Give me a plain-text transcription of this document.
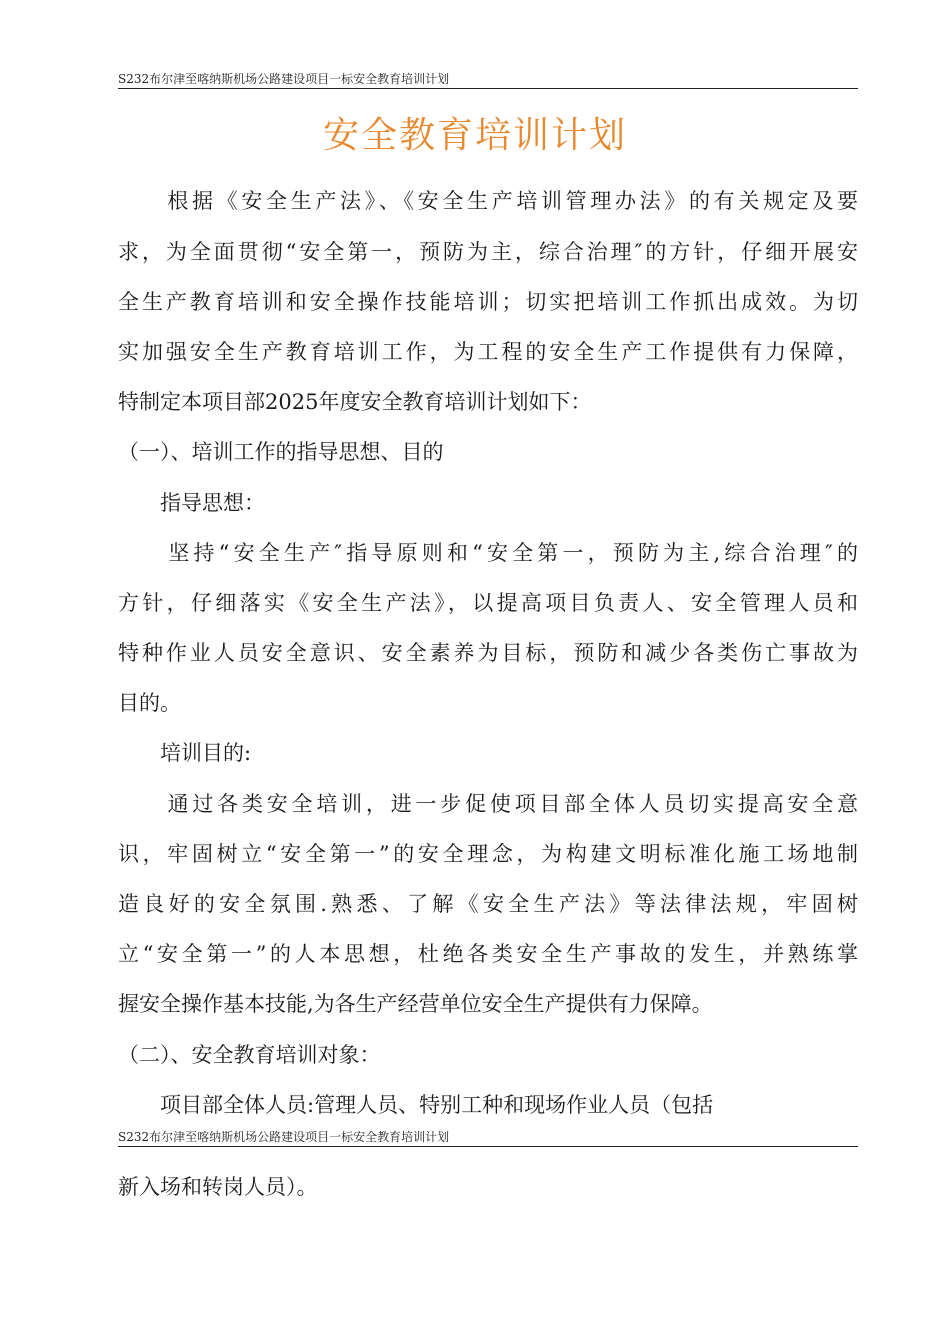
S232布尔津至喀纳斯机场公路建设项目一标安全教育培训计划
安全教育培训计划
　　根据《安全生产法》、《安全生产培训管理办法》的有关规定及要
求，为全面贯彻“安全第一，预防为主，综合治理″的方针，仔细开展安
全生产教育培训和安全操作技能培训；切实把培训工作抓出成效。为切
实加强安全生产教育培训工作，为工程的安全生产工作提供有力保障，
特制定本项目部2025年度安全教育培训计划如下：
（一）、培训工作的指导思想、目的
　　指导思想：
　　坚持“安全生产″指导原则和“安全第一，预防为主,综合治理″的
方针，仔细落实《安全生产法》，以提高项目负责人、安全管理人员和
特种作业人员安全意识、安全素养为目标，预防和减少各类伤亡事故为
目的。
　　培训目的:
　　通过各类安全培训，进一步促使项目部全体人员切实提高安全意
识，牢固树立“安全第一”的安全理念，为构建文明标准化施工场地制
造良好的安全氛围.熟悉、了解《安全生产法》等法律法规，牢固树
立“安全第一”的人本思想，杜绝各类安全生产事故的发生，并熟练掌
握安全操作基本技能,为各生产经营单位安全生产提供有力保障。
（二）、安全教育培训对象：
　　项目部全体人员:管理人员、特别工种和现场作业人员（包括
S232布尔津至喀纳斯机场公路建设项目一标安全教育培训计划
新入场和转岗人员）。
